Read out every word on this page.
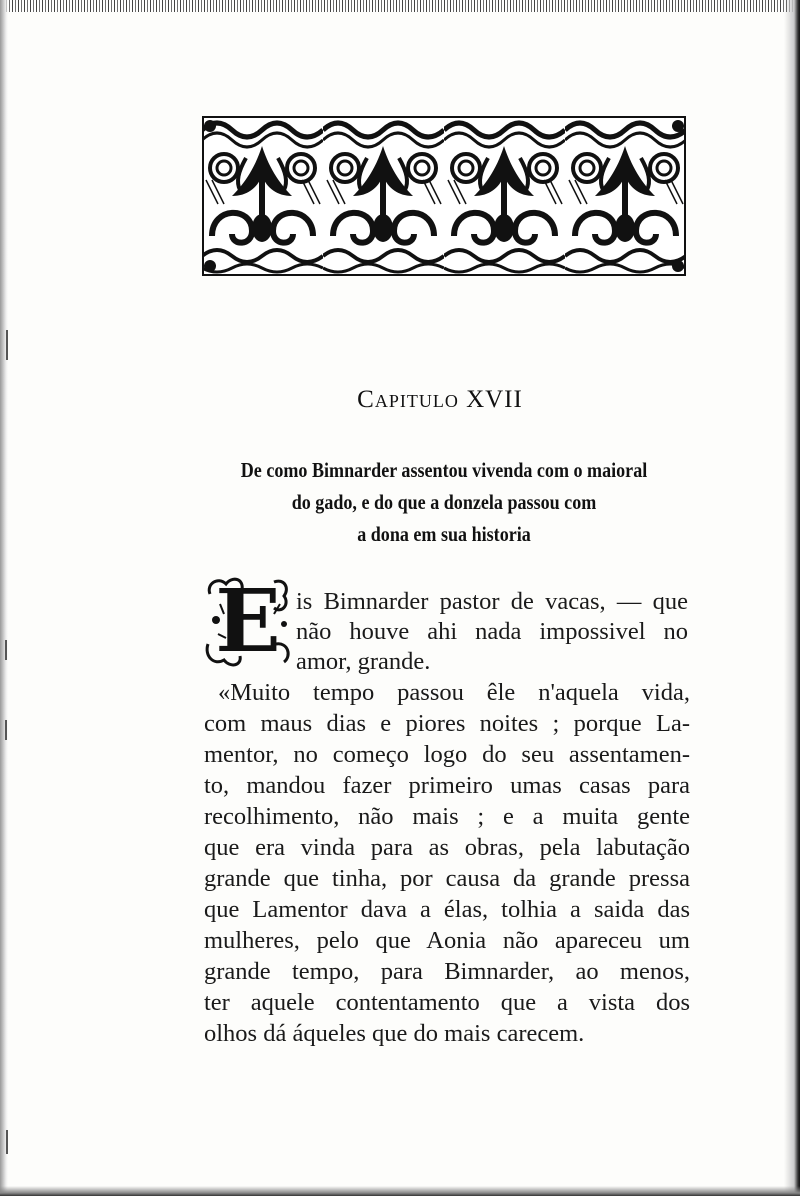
Capitulo XVII
De como Bimnarder assentou vivenda com o maioral
do gado, e do que a donzela passou com
a dona em sua historia
E is Bimnarder pastor de vacas, — que
não houve ahi nada impossivel no
amor, grande.
«Muito tempo passou êle n'aquela vida,
com maus dias e piores noites ; porque La-
mentor, no começo logo do seu assentamen-
to, mandou fazer primeiro umas casas para
recolhimento, não mais ; e a muita gente
que era vinda para as obras, pela labutação
grande que tinha, por causa da grande pressa
que Lamentor dava a élas, tolhia a saida das
mulheres, pelo que Aonia não apareceu um
grande tempo, para Bimnarder, ao menos,
ter aquele contentamento que a vista dos
olhos dá áqueles que do mais carecem.
